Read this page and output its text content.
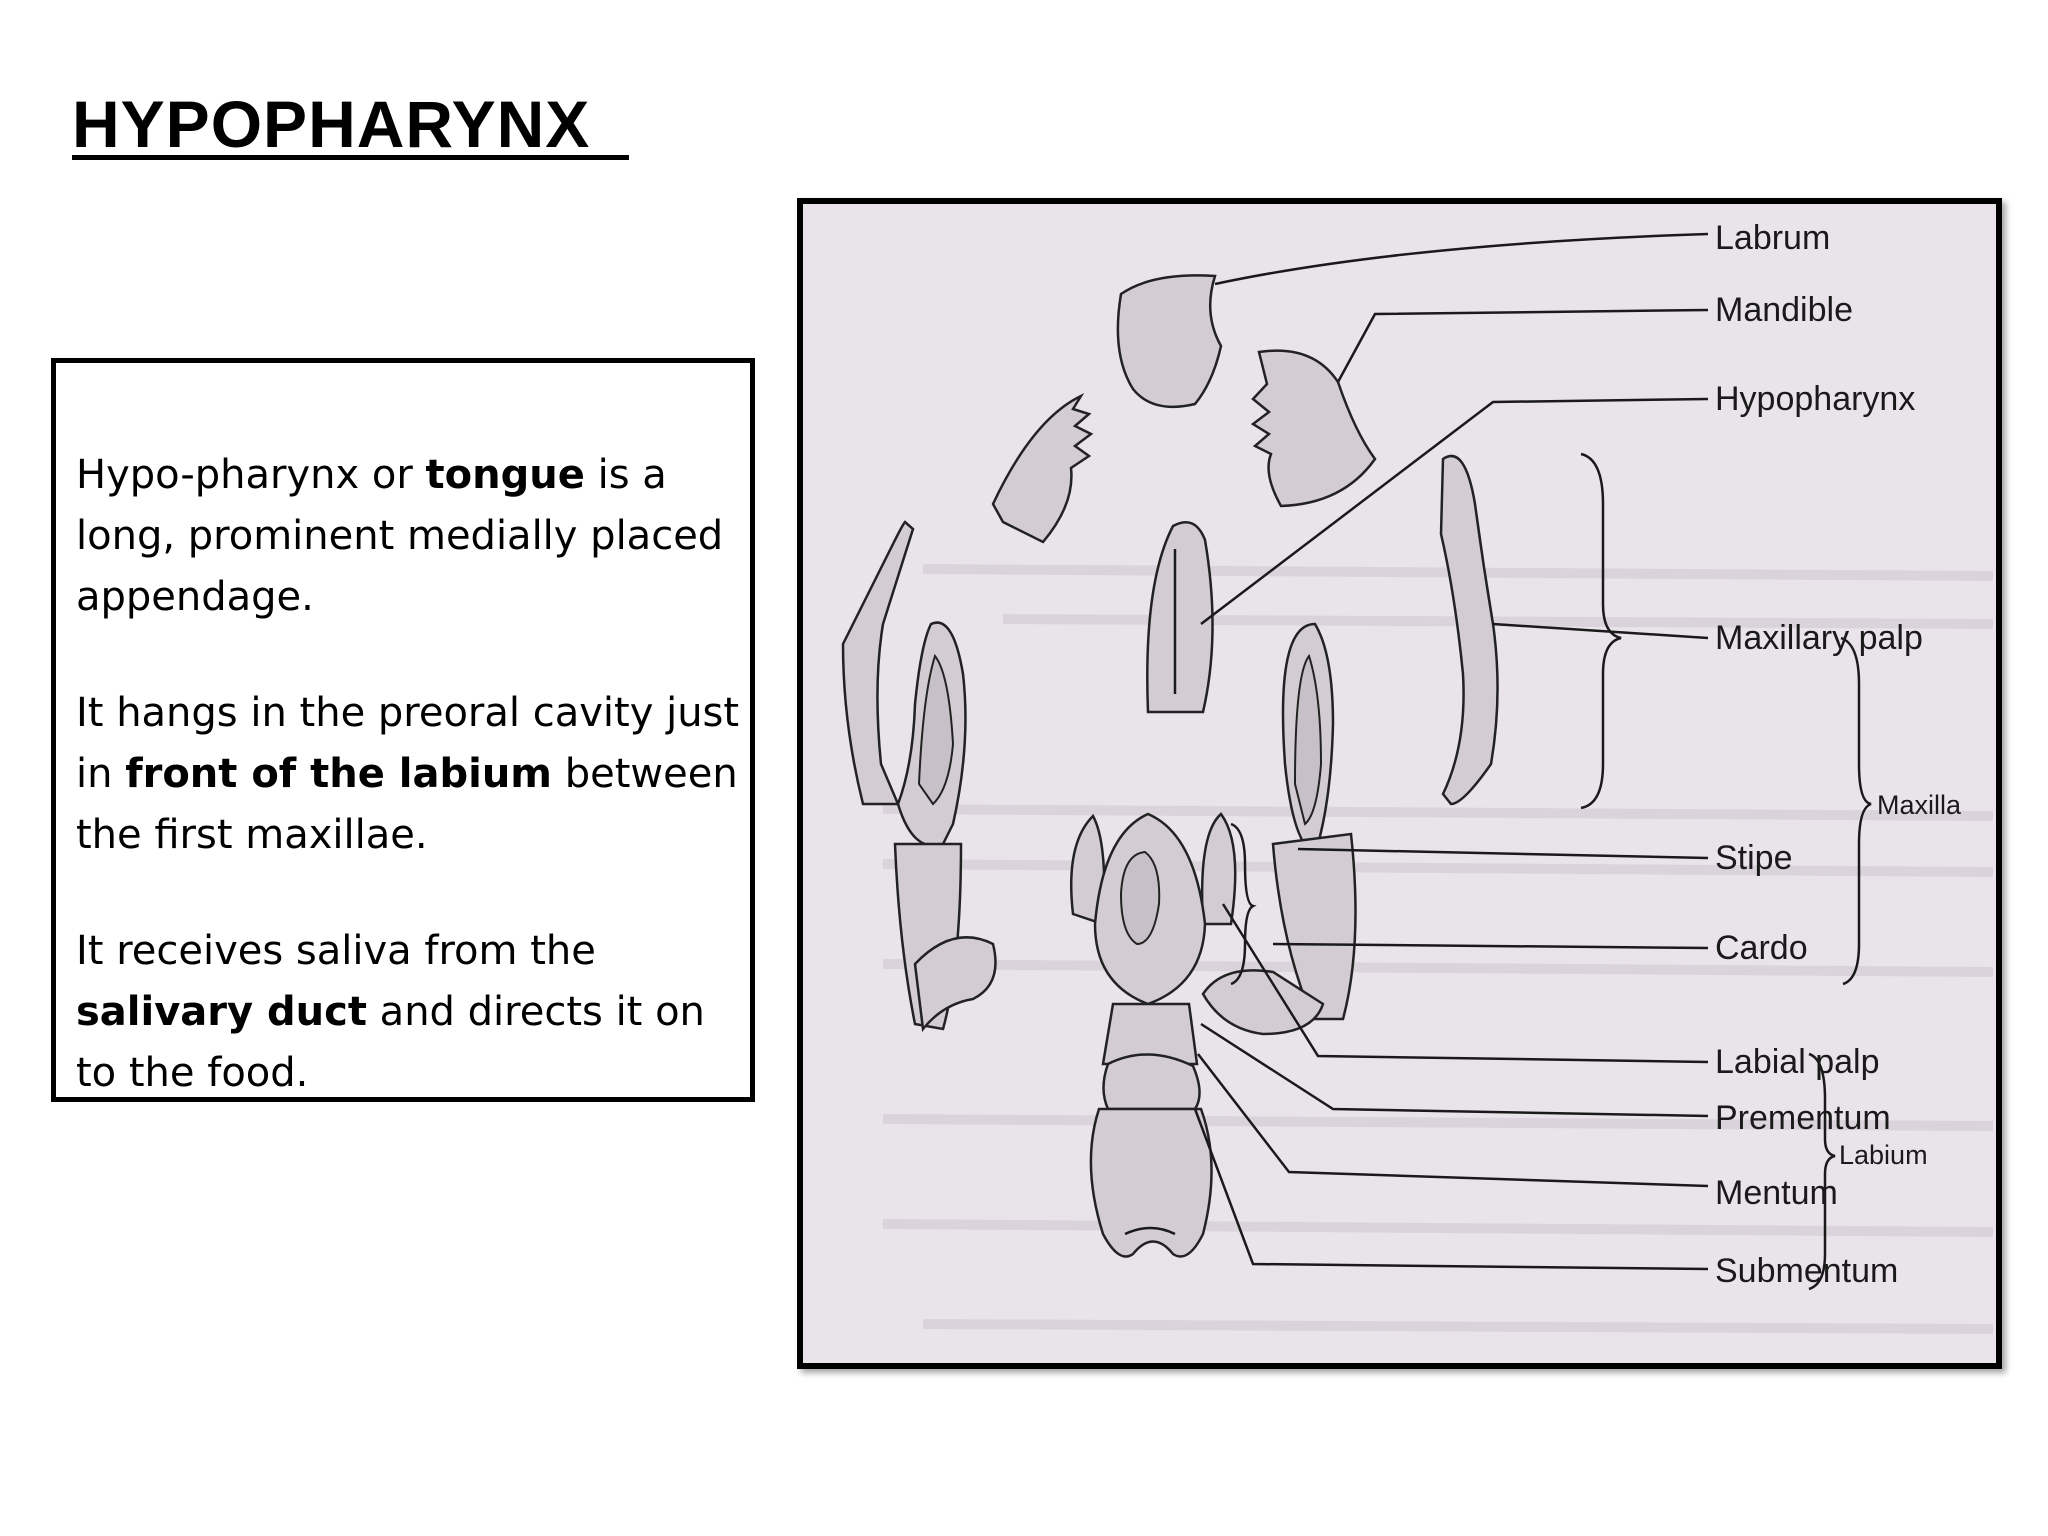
HYPOPHARYNX

Hypo-pharynx or tongue is a long, prominent medially placed appendage.

It hangs in the preoral cavity just in front of the labium between the first maxillae.

It receives saliva from the salivary duct and directs it on to the food.

Labrum
Mandible
Hypopharynx
Maxillary palp
Stipe
Cardo
Labial palp
Prementum
Mentum
Submentum
Maxilla
Labium
